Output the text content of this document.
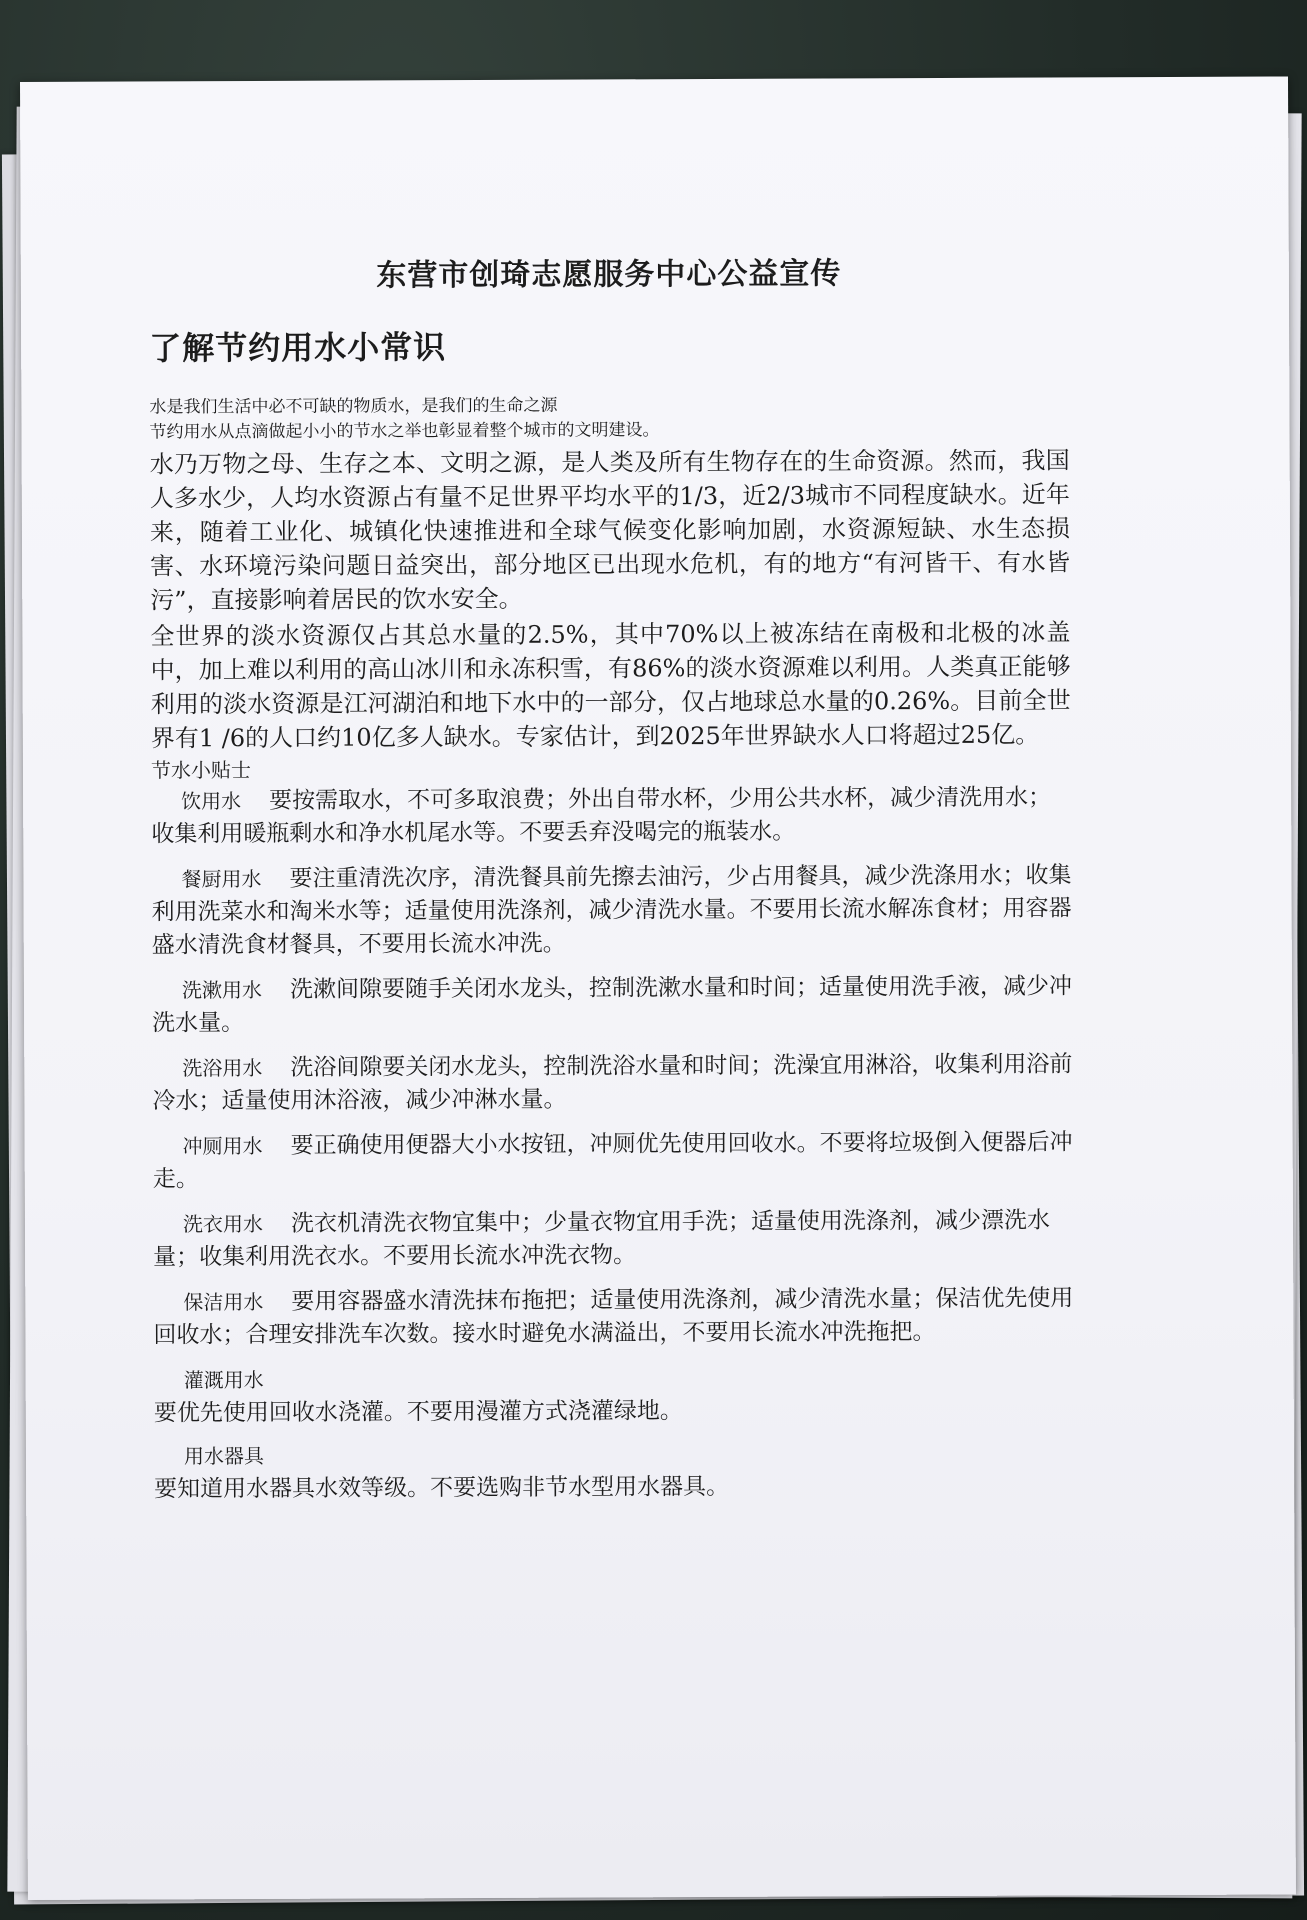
东营市创琦志愿服务中心公益宣传
了解节约用水小常识

水是我们生活中必不可缺的物质水，是我们的生命之源

节约用水从点滴做起小小的节水之举也彰显着整个城市的文明建设。

水乃万物之母、生存之本、文明之源，是人类及所有生物存在的生命资源。然而，我国人多水少，人均水资源占有量不足世界平均水平的1/3，近2/3城市不同程度缺水。近年来，随着工业化、城镇化快速推进和全球气候变化影响加剧，水资源短缺、水生态损害、水环境污染问题日益突出，部分地区已出现水危机，有的地方“有河皆干、有水皆污”，直接影响着居民的饮水安全。

全世界的淡水资源仅占其总水量的2.5%，其中70%以上被冻结在南极和北极的冰盖中，加上难以利用的高山冰川和永冻积雪，有86%的淡水资源难以利用。人类真正能够利用的淡水资源是江河湖泊和地下水中的一部分，仅占地球总水量的0.26%。目前全世界有1 /6的人口约10亿多人缺水。专家估计，到2025年世界缺水人口将超过25亿。

节水小贴士

饮用水 要按需取水，不可多取浪费；外出自带水杯，少用公共水杯，减少清洗用水；收集利用暖瓶剩水和净水机尾水等。不要丢弃没喝完的瓶装水。

餐厨用水 要注重清洗次序，清洗餐具前先擦去油污，少占用餐具，减少洗涤用水；收集利用洗菜水和淘米水等；适量使用洗涤剂，减少清洗水量。不要用长流水解冻食材；用容器盛水清洗食材餐具，不要用长流水冲洗。

洗漱用水 洗漱间隙要随手关闭水龙头，控制洗漱水量和时间；适量使用洗手液，减少冲洗水量。

洗浴用水 洗浴间隙要关闭水龙头，控制洗浴水量和时间；洗澡宜用淋浴，收集利用浴前冷水；适量使用沐浴液，减少冲淋水量。

冲厕用水 要正确使用便器大小水按钮，冲厕优先使用回收水。不要将垃圾倒入便器后冲走。

洗衣用水 洗衣机清洗衣物宜集中；少量衣物宜用手洗；适量使用洗涤剂，减少漂洗水量；收集利用洗衣水。不要用长流水冲洗衣物。

保洁用水 要用容器盛水清洗抹布拖把；适量使用洗涤剂，减少清洗水量；保洁优先使用回收水；合理安排洗车次数。接水时避免水满溢出，不要用长流水冲洗拖把。

灌溉用水

要优先使用回收水浇灌。不要用漫灌方式浇灌绿地。

用水器具

要知道用水器具水效等级。不要选购非节水型用水器具。
